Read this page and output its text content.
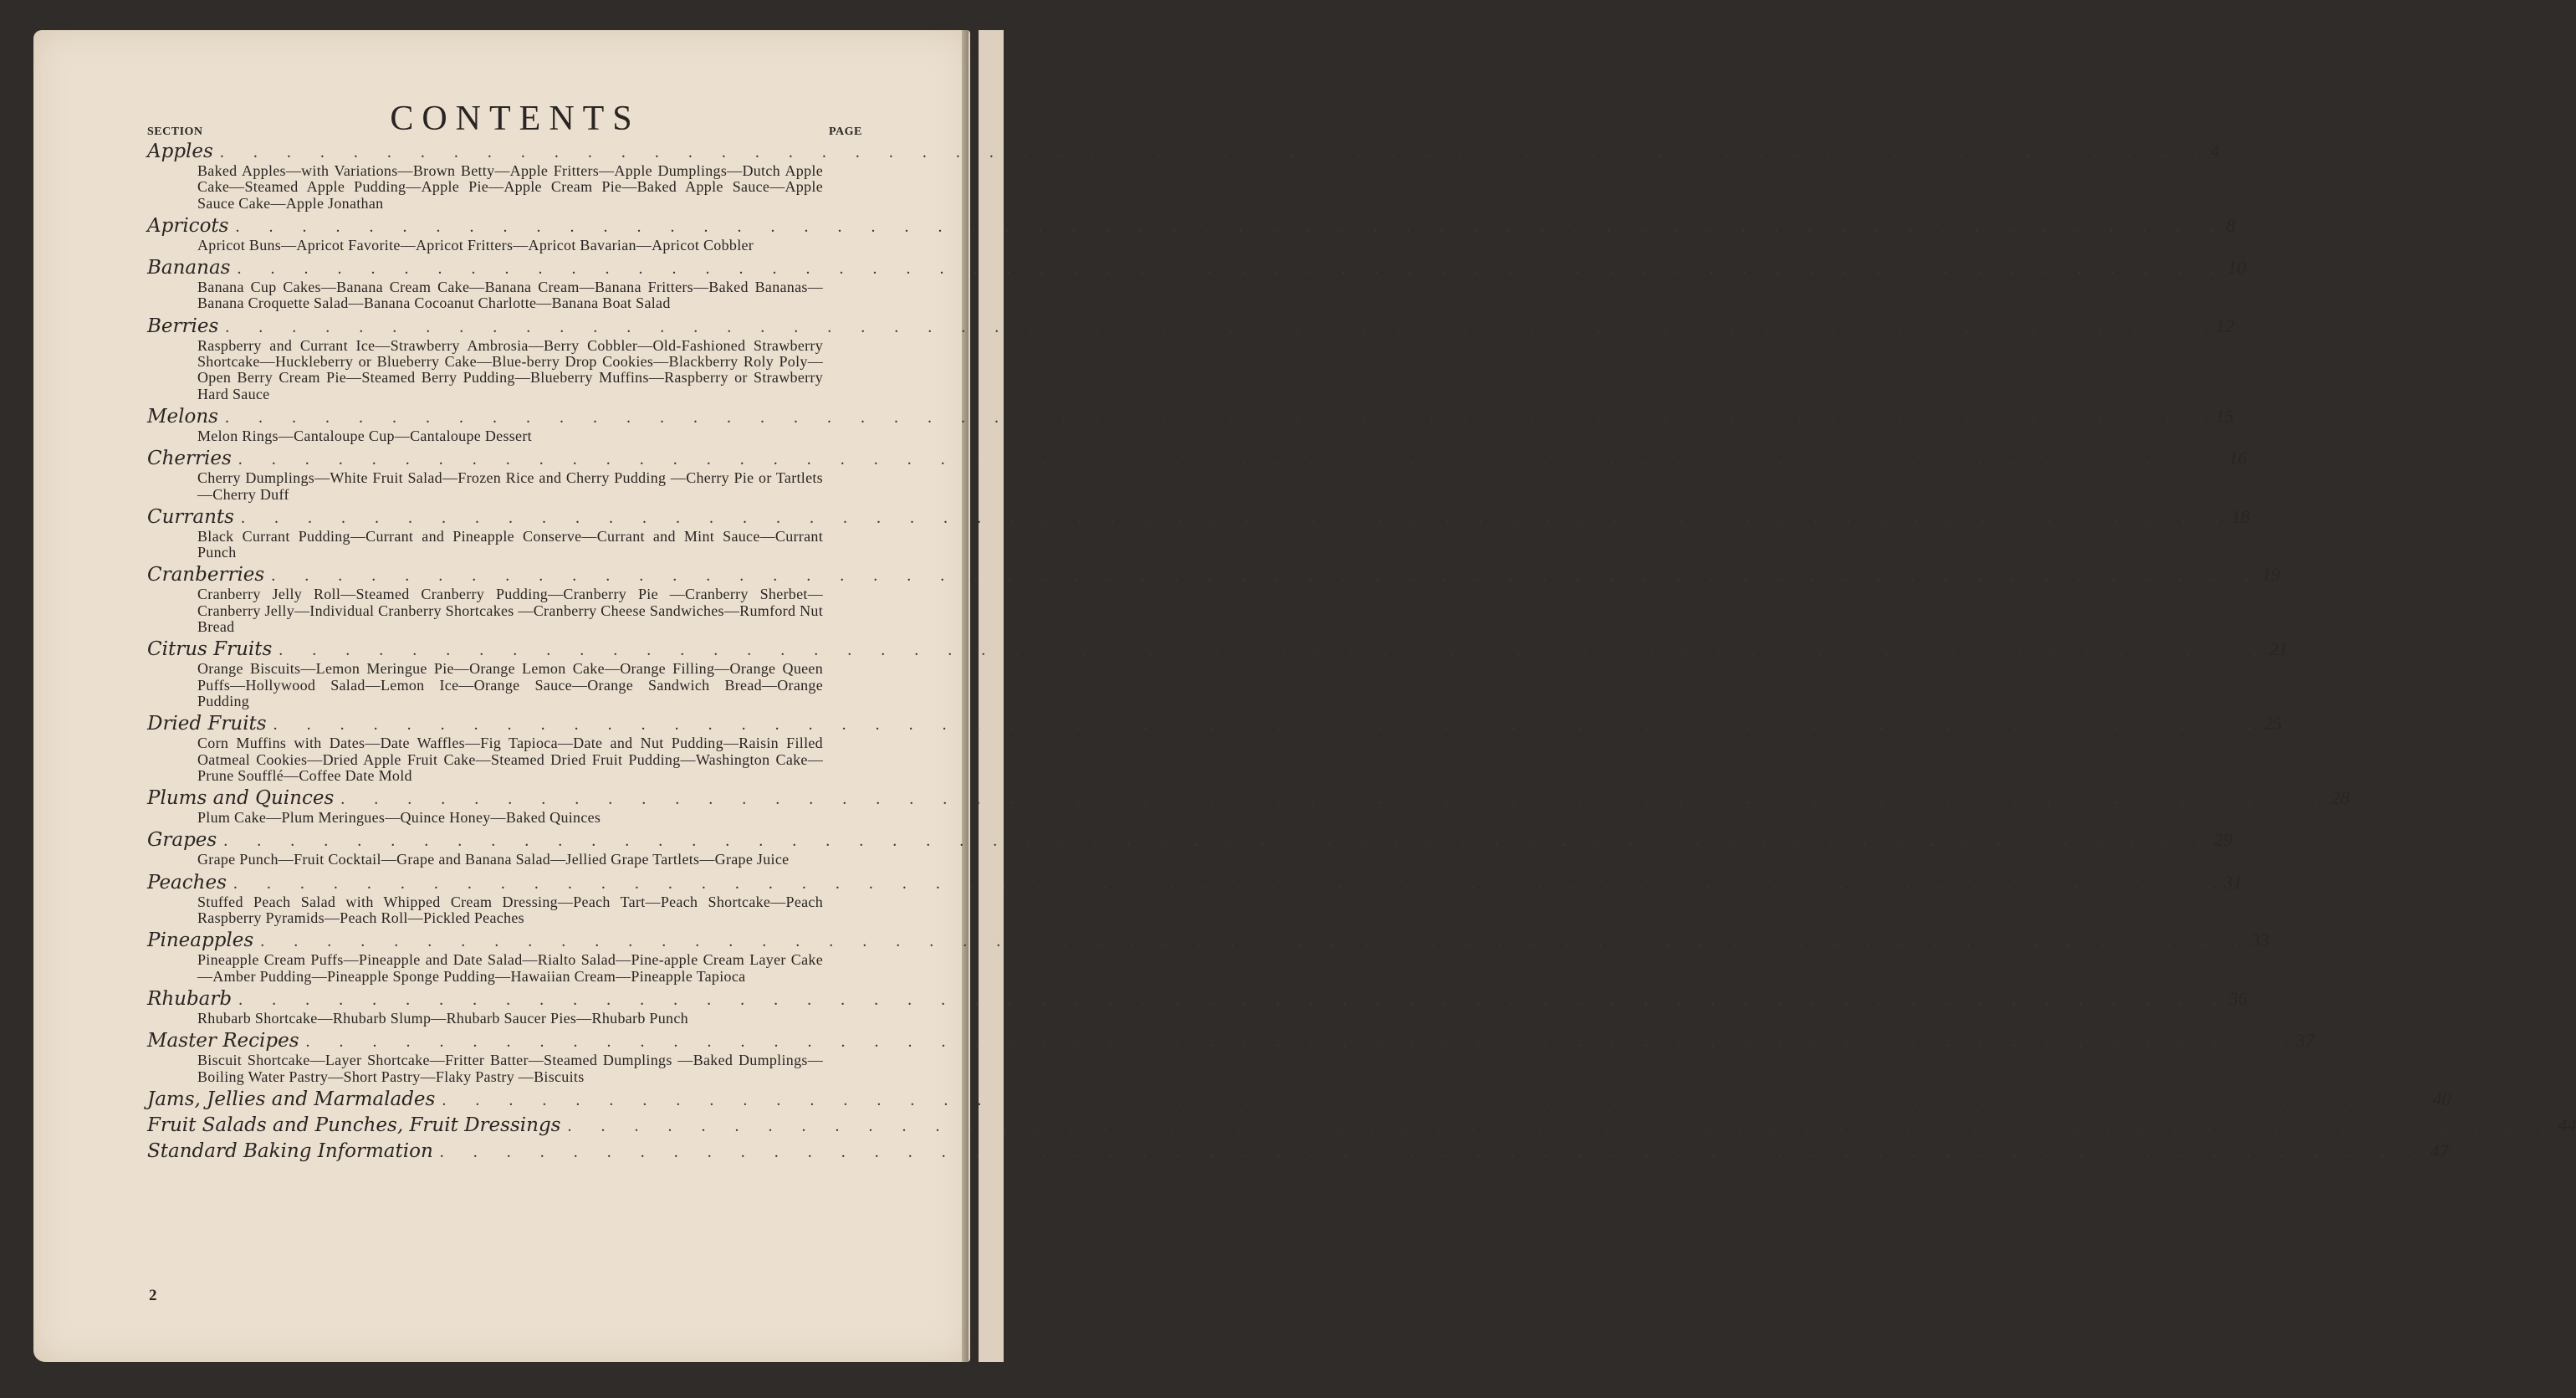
CONTENTS
SECTION	PAGE
Apples . . . . . . . . . . . . . . . . . . . . . . . . . . . . . . . . . . . . . . . . . . . . . . . . . . . . . . . . . . . . 4
Baked Apples—with Variations—Brown Betty—Apple Fritters—Apple Dumplings—Dutch Apple Cake—Steamed Apple Pudding—Apple Pie—Apple Cream Pie—Baked Apple Sauce—Apple Sauce Cake—Apple Jonathan
Apricots . . . . . . . . . . . . . . . . . . . . . . . . . . . . . . . . . . . . . . . . . . . . . . . . . . . . . . . . . . . . 8
Apricot Buns—Apricot Favorite—Apricot Fritters—Apricot Bavarian—Apricot Cobbler
Bananas . . . . . . . . . . . . . . . . . . . . . . . . . . . . . . . . . . . . . . . . . . . . . . . . . . . . . . . . . . . . 10
Banana Cup Cakes—Banana Cream Cake—Banana Cream—Banana Fritters—Baked Bananas—Banana Croquette Salad—Banana Cocoanut Charlotte—Banana Boat Salad
Berries . . . . . . . . . . . . . . . . . . . . . . . . . . . . . . . . . . . . . . . . . . . . . . . . . . . . . . . . . . . . 12
Raspberry and Currant Ice—Strawberry Ambrosia—Berry Cobbler—Old-Fashioned Strawberry Shortcake—Huckleberry or Blueberry Cake—Blue-berry Drop Cookies—Blackberry Roly Poly—Open Berry Cream Pie—Steamed Berry Pudding—Blueberry Muffins—Raspberry or Strawberry Hard Sauce
Melons . . . . . . . . . . . . . . . . . . . . . . . . . . . . . . . . . . . . . . . . . . . . . . . . . . . . . . . . . . . . 15
Melon Rings—Cantaloupe Cup—Cantaloupe Dessert
Cherries . . . . . . . . . . . . . . . . . . . . . . . . . . . . . . . . . . . . . . . . . . . . . . . . . . . . . . . . . . . . 16
Cherry Dumplings—White Fruit Salad—Frozen Rice and Cherry Pudding —Cherry Pie or Tartlets—Cherry Duff
Currants . . . . . . . . . . . . . . . . . . . . . . . . . . . . . . . . . . . . . . . . . . . . . . . . . . . . . . . . . . . . 18
Black Currant Pudding—Currant and Pineapple Conserve—Currant and Mint Sauce—Currant Punch
Cranberries . . . . . . . . . . . . . . . . . . . . . . . . . . . . . . . . . . . . . . . . . . . . . . . . . . . . . . . . . . . . 19
Cranberry Jelly Roll—Steamed Cranberry Pudding—Cranberry Pie —Cranberry Sherbet—Cranberry Jelly—Individual Cranberry Shortcakes —Cranberry Cheese Sandwiches—Rumford Nut Bread
Citrus Fruits . . . . . . . . . . . . . . . . . . . . . . . . . . . . . . . . . . . . . . . . . . . . . . . . . . . . . . . . . . . . 21
Orange Biscuits—Lemon Meringue Pie—Orange Lemon Cake—Orange Filling—Orange Queen Puffs—Hollywood Salad—Lemon Ice—Orange Sauce—Orange Sandwich Bread—Orange Pudding
Dried Fruits . . . . . . . . . . . . . . . . . . . . . . . . . . . . . . . . . . . . . . . . . . . . . . . . . . . . . . . . . . . . 25
Corn Muffins with Dates—Date Waffles—Fig Tapioca—Date and Nut Pudding—Raisin Filled Oatmeal Cookies—Dried Apple Fruit Cake—Steamed Dried Fruit Pudding—Washington Cake—Prune Soufflé—Coffee Date Mold
Plums and Quinces . . . . . . . . . . . . . . . . . . . . . . . . . . . . . . . . . . . . . . . . . . . . . . . . . . . . . . . . . . . . 28
Plum Cake—Plum Meringues—Quince Honey—Baked Quinces
Grapes . . . . . . . . . . . . . . . . . . . . . . . . . . . . . . . . . . . . . . . . . . . . . . . . . . . . . . . . . . . . 29
Grape Punch—Fruit Cocktail—Grape and Banana Salad—Jellied Grape Tartlets—Grape Juice
Peaches . . . . . . . . . . . . . . . . . . . . . . . . . . . . . . . . . . . . . . . . . . . . . . . . . . . . . . . . . . . . 31
Stuffed Peach Salad with Whipped Cream Dressing—Peach Tart—Peach Shortcake—Peach Raspberry Pyramids—Peach Roll—Pickled Peaches
Pineapples . . . . . . . . . . . . . . . . . . . . . . . . . . . . . . . . . . . . . . . . . . . . . . . . . . . . . . . . . . . . 33
Pineapple Cream Puffs—Pineapple and Date Salad—Rialto Salad—Pine-apple Cream Layer Cake—Amber Pudding—Pineapple Sponge Pudding—Hawaiian Cream—Pineapple Tapioca
Rhubarb . . . . . . . . . . . . . . . . . . . . . . . . . . . . . . . . . . . . . . . . . . . . . . . . . . . . . . . . . . . . 36
Rhubarb Shortcake—Rhubarb Slump—Rhubarb Saucer Pies—Rhubarb Punch
Master Recipes . . . . . . . . . . . . . . . . . . . . . . . . . . . . . . . . . . . . . . . . . . . . . . . . . . . . . . . . . . . . 37
Biscuit Shortcake—Layer Shortcake—Fritter Batter—Steamed Dumplings —Baked Dumplings—Boiling Water Pastry—Short Pastry—Flaky Pastry —Biscuits
Jams, Jellies and Marmalades . . . . . . . . . . . . . . . . . . . . . . . . . . . . . . . . . . . . . . . . . . . . . . . . . . . . . . . . . . . . 40
Fruit Salads and Punches, Fruit Dressings . . . . . . . . . . . . . . . . . . . . . . . . . . . . . . . . . . . . . . . . . . . . . . . . . . . . . . . . . . . . 44
Standard Baking Information . . . . . . . . . . . . . . . . . . . . . . . . . . . . . . . . . . . . . . . . . . . . . . . . . . . . . . . . . . . . 47
2
